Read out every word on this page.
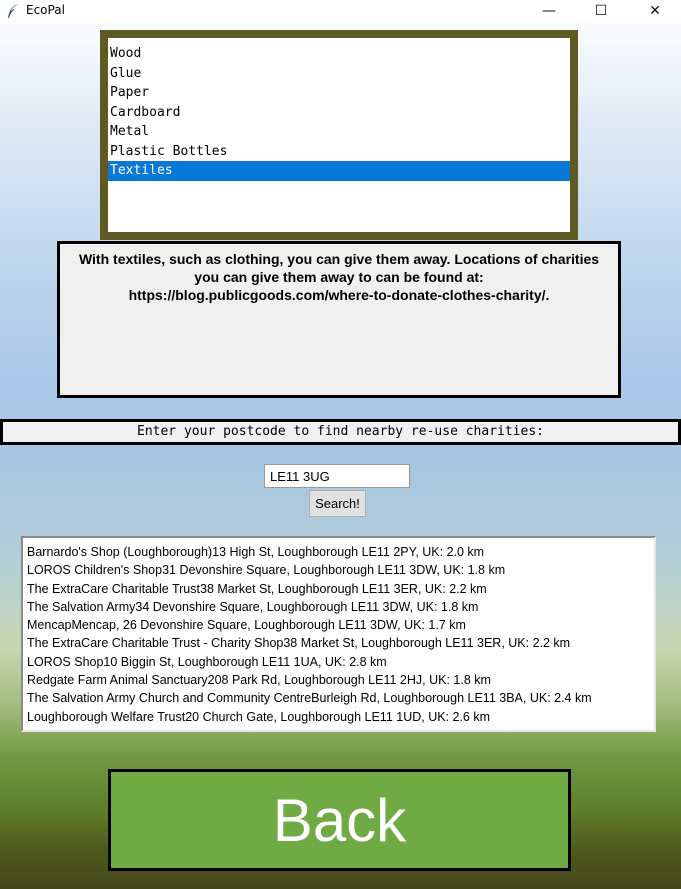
EcoPal	—	☐	✕
Wood
Glue
Paper
Cardboard
Metal
Plastic Bottles
Textiles
With textiles, such as clothing, you can give them away. Locations of charities you can give them away to can be found at: https://blog.publicgoods.com/where-to-donate-clothes-charity/.
Enter your postcode to find nearby re-use charities:
LE11 3UG
Search!
Barnardo's Shop (Loughborough)13 High St, Loughborough LE11 2PY, UK: 2.0 km
LOROS Children's Shop31 Devonshire Square, Loughborough LE11 3DW, UK: 1.8 km
The ExtraCare Charitable Trust38 Market St, Loughborough LE11 3ER, UK: 2.2 km
The Salvation Army34 Devonshire Square, Loughborough LE11 3DW, UK: 1.8 km
MencapMencap, 26 Devonshire Square, Loughborough LE11 3DW, UK: 1.7 km
The ExtraCare Charitable Trust - Charity Shop38 Market St, Loughborough LE11 3ER, UK: 2.2 km
LOROS Shop10 Biggin St, Loughborough LE11 1UA, UK: 2.8 km
Redgate Farm Animal Sanctuary208 Park Rd, Loughborough LE11 2HJ, UK: 1.8 km
The Salvation Army Church and Community CentreBurleigh Rd, Loughborough LE11 3BA, UK: 2.4 km
Loughborough Welfare Trust20 Church Gate, Loughborough LE11 1UD, UK: 2.6 km
Back
